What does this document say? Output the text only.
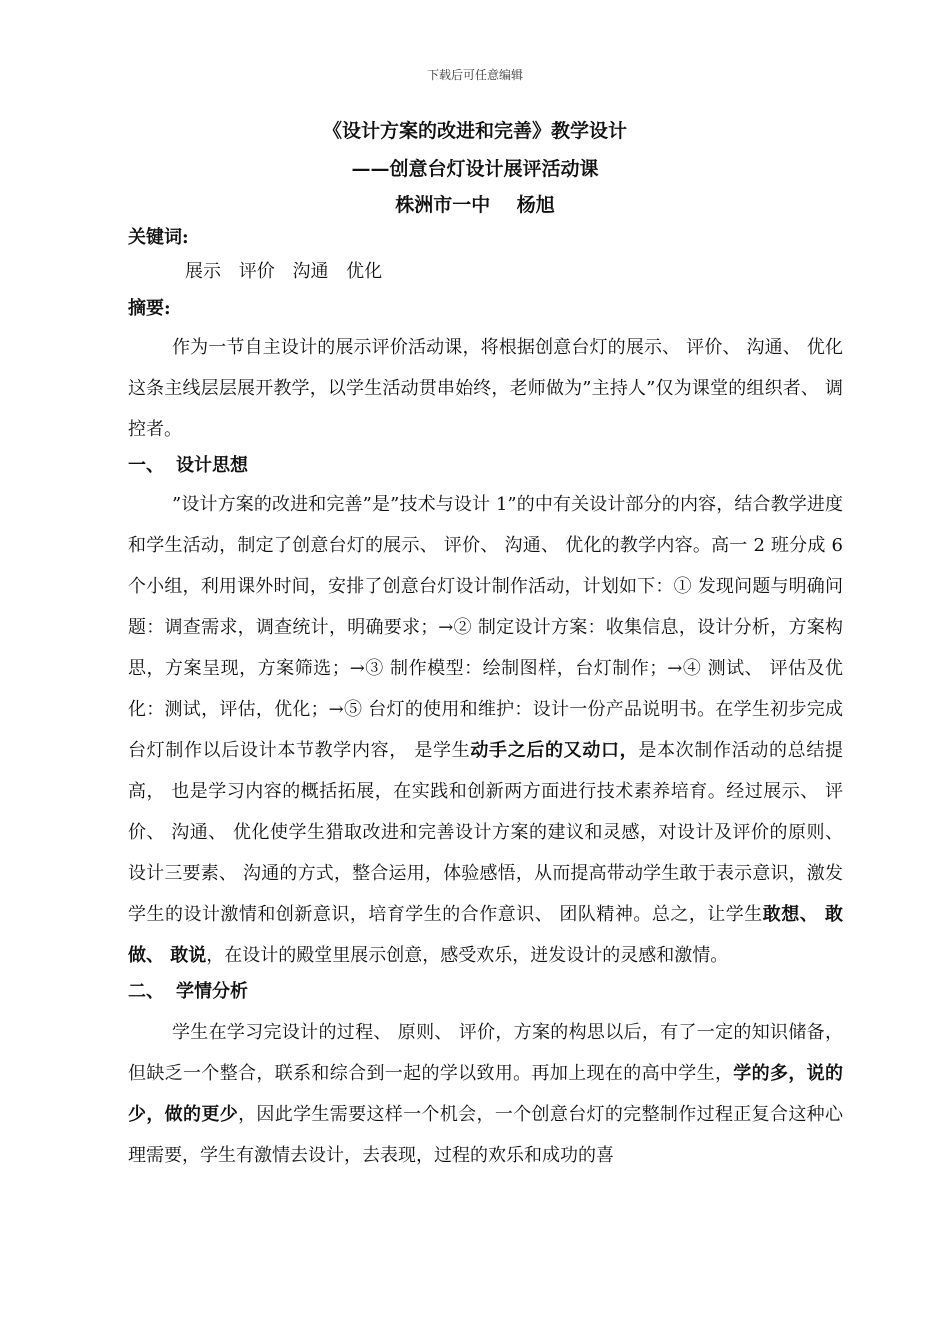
下载后可任意编辑
《设计方案的改进和完善》教学设计
——创意台灯设计展评活动课
株洲市一中    杨旭

关键词:

展示 评价 沟通 优化

摘要:

作为一节自主设计的展示评价活动课，将根据创意台灯的展示、 评价、 沟通、 优化这条主线层层展开教学，以学生活动贯串始终，老师做为”主持人”仅为课堂的组织者、 调控者。

一、 设计思想

”设计方案的改进和完善”是”技术与设计 1”的中有关设计部分的内容，结合教学进度和学生活动，制定了创意台灯的展示、 评价、 沟通、 优化的教学内容。高一 2 班分成 6 个小组，利用课外时间，安排了创意台灯设计制作活动，计划如下：① 发现问题与明确问题：调查需求，调查统计，明确要求；→② 制定设计方案：收集信息，设计分析，方案构思，方案呈现，方案筛选；→③ 制作模型：绘制图样，台灯制作；→④ 测试、 评估及优化：测试，评估，优化；→⑤ 台灯的使用和维护：设计一份产品说明书。在学生初步完成台灯制作以后设计本节教学内容， 是学生动手之后的又动口，是本次制作活动的总结提高， 也是学习内容的概括拓展，在实践和创新两方面进行技术素养培育。经过展示、 评价、 沟通、 优化使学生猎取改进和完善设计方案的建议和灵感，对设计及评价的原则、 设计三要素、 沟通的方式，整合运用，体验感悟，从而提高带动学生敢于表示意识，激发学生的设计激情和创新意识，培育学生的合作意识、 团队精神。总之，让学生敢想、 敢做、 敢说，在设计的殿堂里展示创意，感受欢乐，迸发设计的灵感和激情。

二、 学情分析

学生在学习完设计的过程、 原则、 评价，方案的构思以后，有了一定的知识储备，但缺乏一个整合，联系和综合到一起的学以致用。再加上现在的高中学生，学的多，说的少，做的更少，因此学生需要这样一个机会，一个创意台灯的完整制作过程正复合这种心理需要，学生有激情去设计，去表现，过程的欢乐和成功的喜
